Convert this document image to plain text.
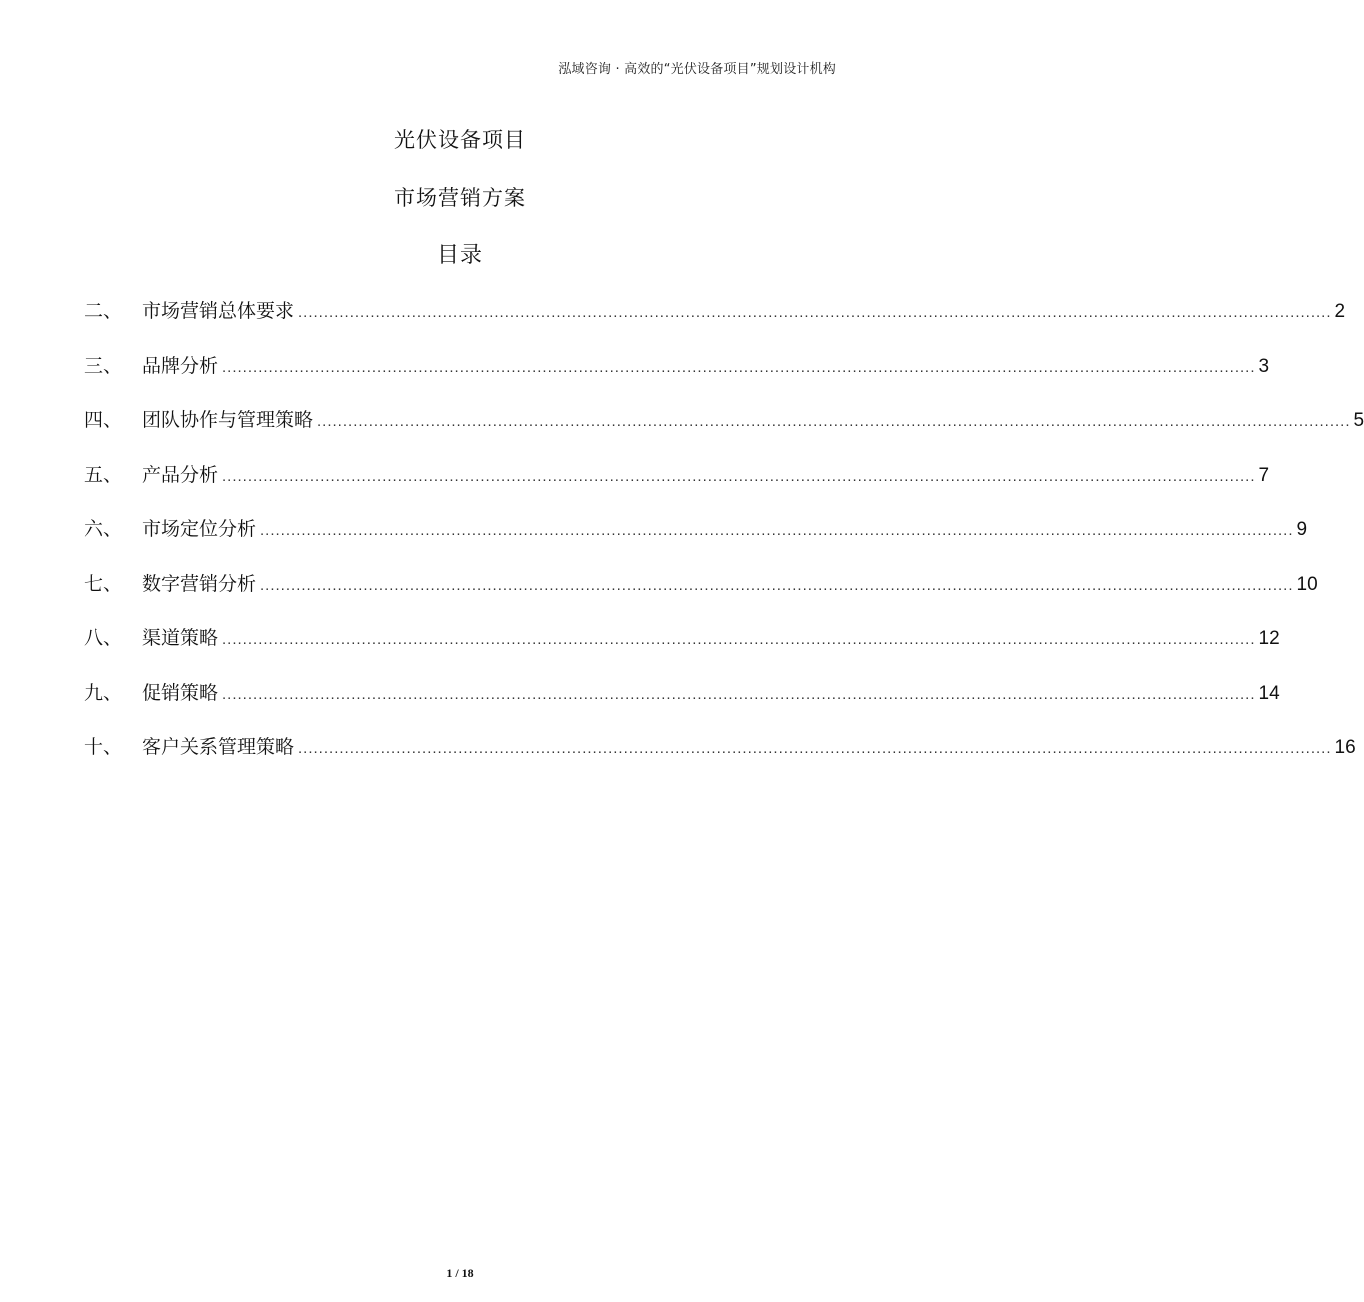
泓域咨询 · 高效的“光伏设备项目”规划设计机构
光伏设备项目
市场营销方案
目录
二、	市场营销总体要求 ........................................................................................................................................................................................................ 2
三、	品牌分析 ........................................................................................................................................................................................................ 3
四、	团队协作与管理策略 ........................................................................................................................................................................................................ 5
五、	产品分析 ........................................................................................................................................................................................................ 7
六、	市场定位分析 ........................................................................................................................................................................................................ 9
七、	数字营销分析 ........................................................................................................................................................................................................ 10
八、	渠道策略 ........................................................................................................................................................................................................ 12
九、	促销策略 ........................................................................................................................................................................................................ 14
十、	客户关系管理策略 ........................................................................................................................................................................................................ 16
1 / 18
